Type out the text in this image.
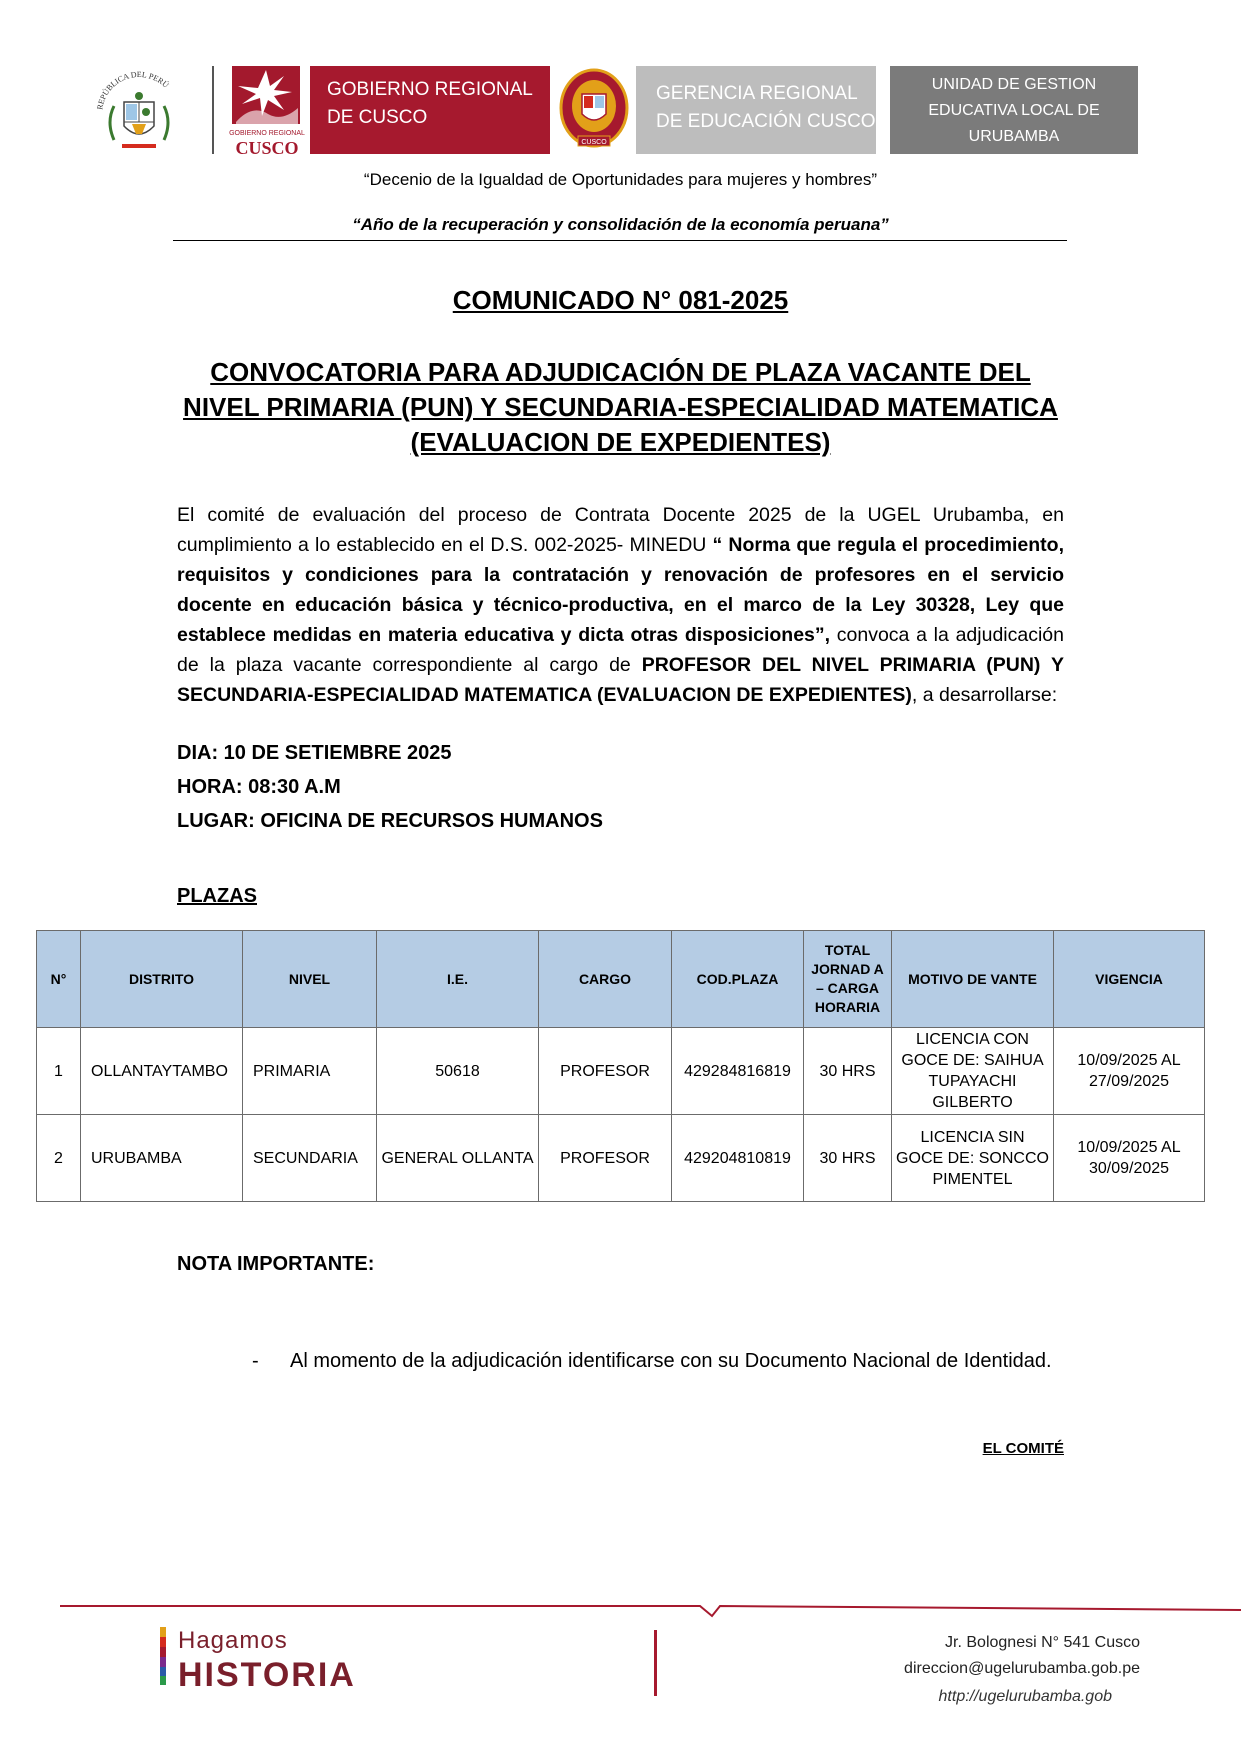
REPÚBLICA DEL PERÚ
GOBIERNO REGIONAL
CUSCO
GOBIERNO REGIONAL
DE CUSCO
CUSCO
GERENCIA REGIONAL
DE EDUCACIÓN CUSCO
UNIDAD DE GESTION
EDUCATIVA LOCAL DE
URUBAMBA
“Decenio de la Igualdad de Oportunidades para mujeres y hombres”
“Año de la recuperación y consolidación de la economía peruana”
COMUNICADO N° 081-2025
CONVOCATORIA PARA ADJUDICACIÓN DE PLAZA VACANTE DEL
NIVEL PRIMARIA (PUN) Y SECUNDARIA-ESPECIALIDAD MATEMATICA
(EVALUACION DE EXPEDIENTES)
El comité de evaluación del proceso de Contrata Docente 2025 de la UGEL Urubamba, en cumplimiento a lo establecido en el D.S. 002-2025- MINEDU “ Norma que regula el procedimiento, requisitos y condiciones para la contratación y renovación de profesores en el servicio docente en educación básica y técnico-productiva, en el marco de la Ley 30328, Ley que establece medidas en materia educativa y dicta otras disposiciones”, convoca a la adjudicación de la plaza vacante correspondiente al cargo de PROFESOR DEL NIVEL PRIMARIA (PUN) Y SECUNDARIA-ESPECIALIDAD MATEMATICA (EVALUACION DE EXPEDIENTES), a desarrollarse:
DIA: 10 DE SETIEMBRE 2025
HORA: 08:30 A.M
LUGAR: OFICINA DE RECURSOS HUMANOS
PLAZAS
N°	DISTRITO	NIVEL	I.E.	CARGO	COD.PLAZA	TOTAL JORNAD A – CARGA HORARIA	MOTIVO DE VANTE	VIGENCIA
1	OLLANTAYTAMBO	PRIMARIA	50618	PROFESOR	429284816819	30 HRS	LICENCIA CON GOCE DE: SAIHUA TUPAYACHI GILBERTO	10/09/2025 AL 27/09/2025
2	URUBAMBA	SECUNDARIA	GENERAL OLLANTA	PROFESOR	429204810819	30 HRS	LICENCIA SIN GOCE DE: SONCCO PIMENTEL	10/09/2025 AL 30/09/2025
NOTA IMPORTANTE:
- Al momento de la adjudicación identificarse con su Documento Nacional de Identidad.
EL COMITÉ
Hagamos
HISTORIA
Jr. Bolognesi N° 541 Cusco
direccion@ugelurubamba.gob.pe
http://ugelurubamba.gob
